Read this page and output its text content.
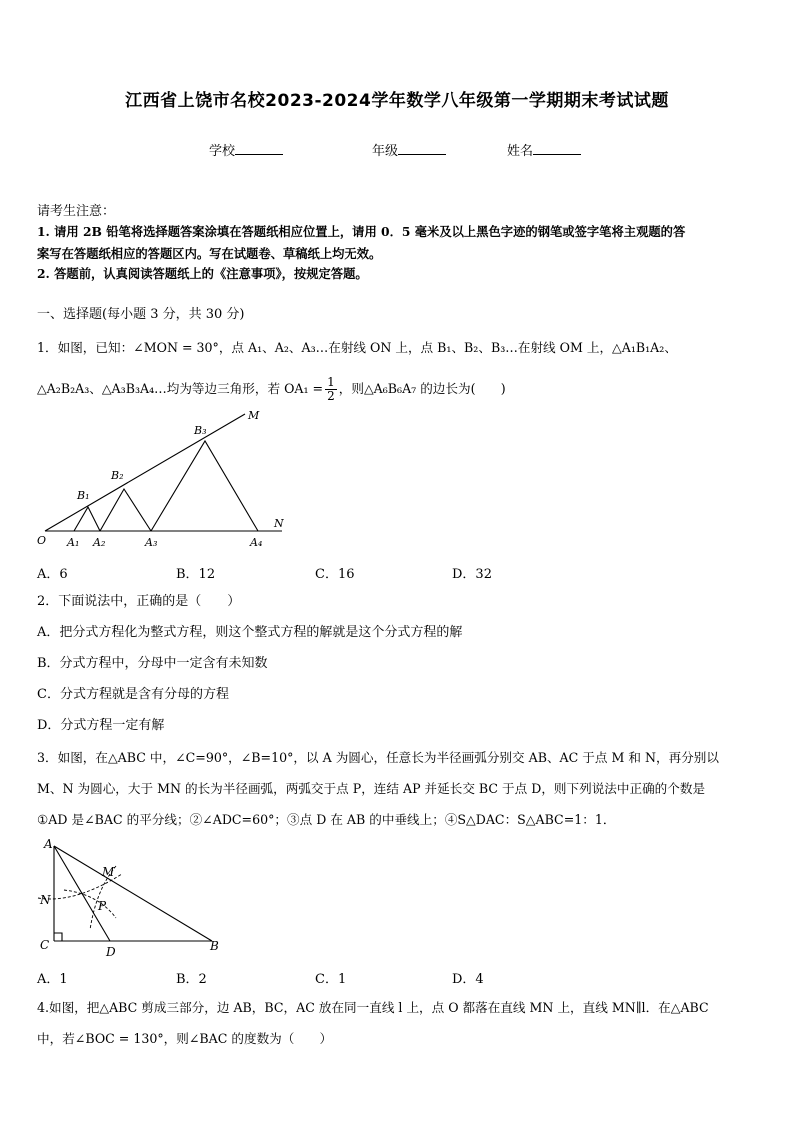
江西省上饶市名校2023-2024学年数学八年级第一学期期末考试试题
学校	年级	姓名
请考生注意：
1. 请用 2B 铅笔将选择题答案涂填在答题纸相应位置上，请用 0．5 毫米及以上黑色字迹的钢笔或签字笔将主观题的答
案写在答题纸相应的答题区内。写在试题卷、草稿纸上均无效。
2. 答题前，认真阅读答题纸上的《注意事项》，按规定答题。
一、选择题(每小题 3 分，共 30 分)
1．如图，已知：∠MON = 30°，点 A₁、A₂、A₃…在射线 ON 上，点 B₁、B₂、B₃…在射线 OM 上，△A₁B₁A₂、
△A₂B₂A₃、△A₃B₃A₄…均为等边三角形，若 $OA_1 = \frac{1}{2}$ ，则△A₆B₆A₇ 的边长为(　　)
O
N
M
A₁ A₂	A₃	A₄
B₁
B₂
B₃
A．6	B．12	C．16	D．32
2．下面说法中，正确的是（　　）
A．把分式方程化为整式方程，则这个整式方程的解就是这个分式方程的解
B．分式方程中，分母中一定含有未知数
C．分式方程就是含有分母的方程
D．分式方程一定有解
3．如图，在△ABC 中，∠C=90°，∠B=10°，以 A 为圆心，任意长为半径画弧分别交 AB、AC 于点 M 和 N，再分别以
M、N 为圆心，大于 MN 的长为半径画弧，两弧交于点 P，连结 AP 并延长交 BC 于点 D，则下列说法中正确的个数是
①AD 是∠BAC 的平分线；②∠ADC=60°；③点 D 在 AB 的中垂线上；④S△DAC：S△ABC=1：1．
A
M
N	P
C	D	B
A．1	B．2	C．1	D．4
4.如图，把△ABC 剪成三部分，边 AB，BC，AC 放在同一直线 l 上，点 O 都落在直线 MN 上，直线 MN∥l．在△ABC
中，若∠BOC = 130°，则∠BAC 的度数为（　　）
